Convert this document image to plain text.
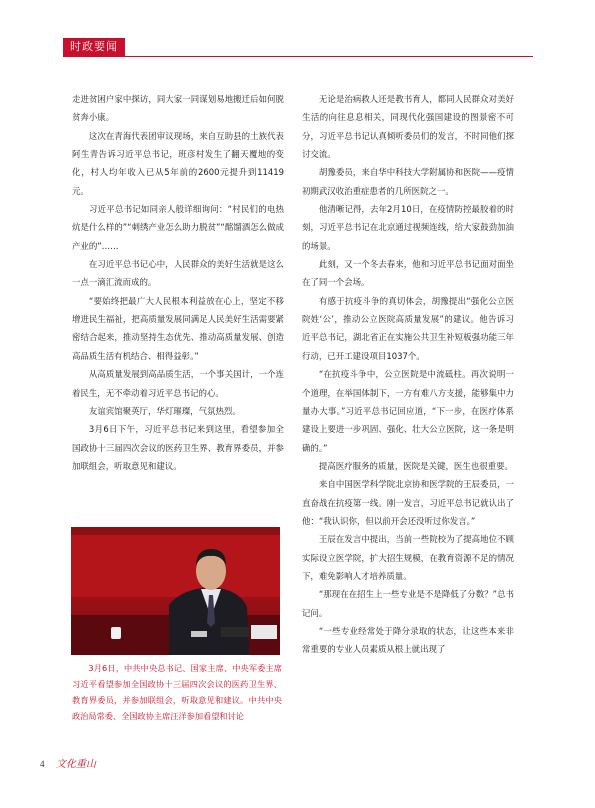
时政要闻

走进贫困户家中探访，同大家一同谋划易地搬迁后如何脱贫奔小康。

这次在青海代表团审议现场，来自互助县的土族代表阿生青告诉习近平总书记，班彦村发生了翻天覆地的变化，村人均年收入已从5年前的2600元提升到11419元。

习近平总书记如同亲人般详细询问：“村民们的电热炕是什么样的”“刺绣产业怎么助力脱贫”“酩馏酒怎么做成产业的”……

在习近平总书记心中，人民群众的美好生活就是这么一点一滴汇流而成的。

“要始终把最广大人民根本利益放在心上，坚定不移增进民生福祉，把高质量发展同满足人民美好生活需要紧密结合起来，推动坚持生态优先、推动高质量发展、创造高品质生活有机结合、相得益彰。”

从高质量发展到高品质生活，一个事关国计，一个连着民生，无不牵动着习近平总书记的心。

友谊宾馆聚英厅，华灯璀璨，气氛热烈。

3月6日下午，习近平总书记来到这里，看望参加全国政协十三届四次会议的医药卫生界、教育界委员，并参加联组会，听取意见和建议。

3月6日，中共中央总书记、国家主席、中央军委主席习近平看望参加全国政协十三届四次会议的医药卫生界、教育界委员，并参加联组会，听取意见和建议。中共中央政治局常委、全国政协主席汪洋参加看望和讨论

无论是治病救人还是教书育人，都同人民群众对美好生活的向往息息相关，同现代化强国建设的图景密不可分，习近平总书记认真倾听委员们的发言，不时同他们探讨交流。

胡豫委员，来自华中科技大学附属协和医院——疫情初期武汉收治重症患者的几所医院之一。

他清晰记得，去年2月10日，在疫情防控最胶着的时刻，习近平总书记在北京通过视频连线，给大家鼓劲加油的场景。

此刻，又一个冬去春来，他和习近平总书记面对面坐在了同一个会场。

有感于抗疫斗争的真切体会，胡豫提出“强化公立医院姓‘公’，推动公立医院高质量发展”的建议。他告诉习近平总书记，湖北省正在实施公共卫生补短板强功能三年行动，已开工建设项目1037个。

“在抗疫斗争中，公立医院是中流砥柱。再次说明一个道理，在举国体制下，一方有难八方支援，能够集中力量办大事。”习近平总书记回应道，“下一步，在医疗体系建设上要进一步巩固、强化、壮大公立医院，这一条是明确的。”

提高医疗服务的质量，医院是关键，医生也很重要。

来自中国医学科学院北京协和医学院的王辰委员，一直奋战在抗疫第一线。刚一发言，习近平总书记就认出了他：“我认识你，但以前开会还没听过你发言。”

王辰在发言中提出，当前一些院校为了提高地位不顾实际设立医学院，扩大招生规模，在教育资源不足的情况下，难免影响人才培养质量。

“那现在在招生上一些专业是不是降低了分数？”总书记问。

“一些专业经常处于降分录取的状态，让这些本来非常重要的专业人员素质从根上就出现了

4 文化重山
